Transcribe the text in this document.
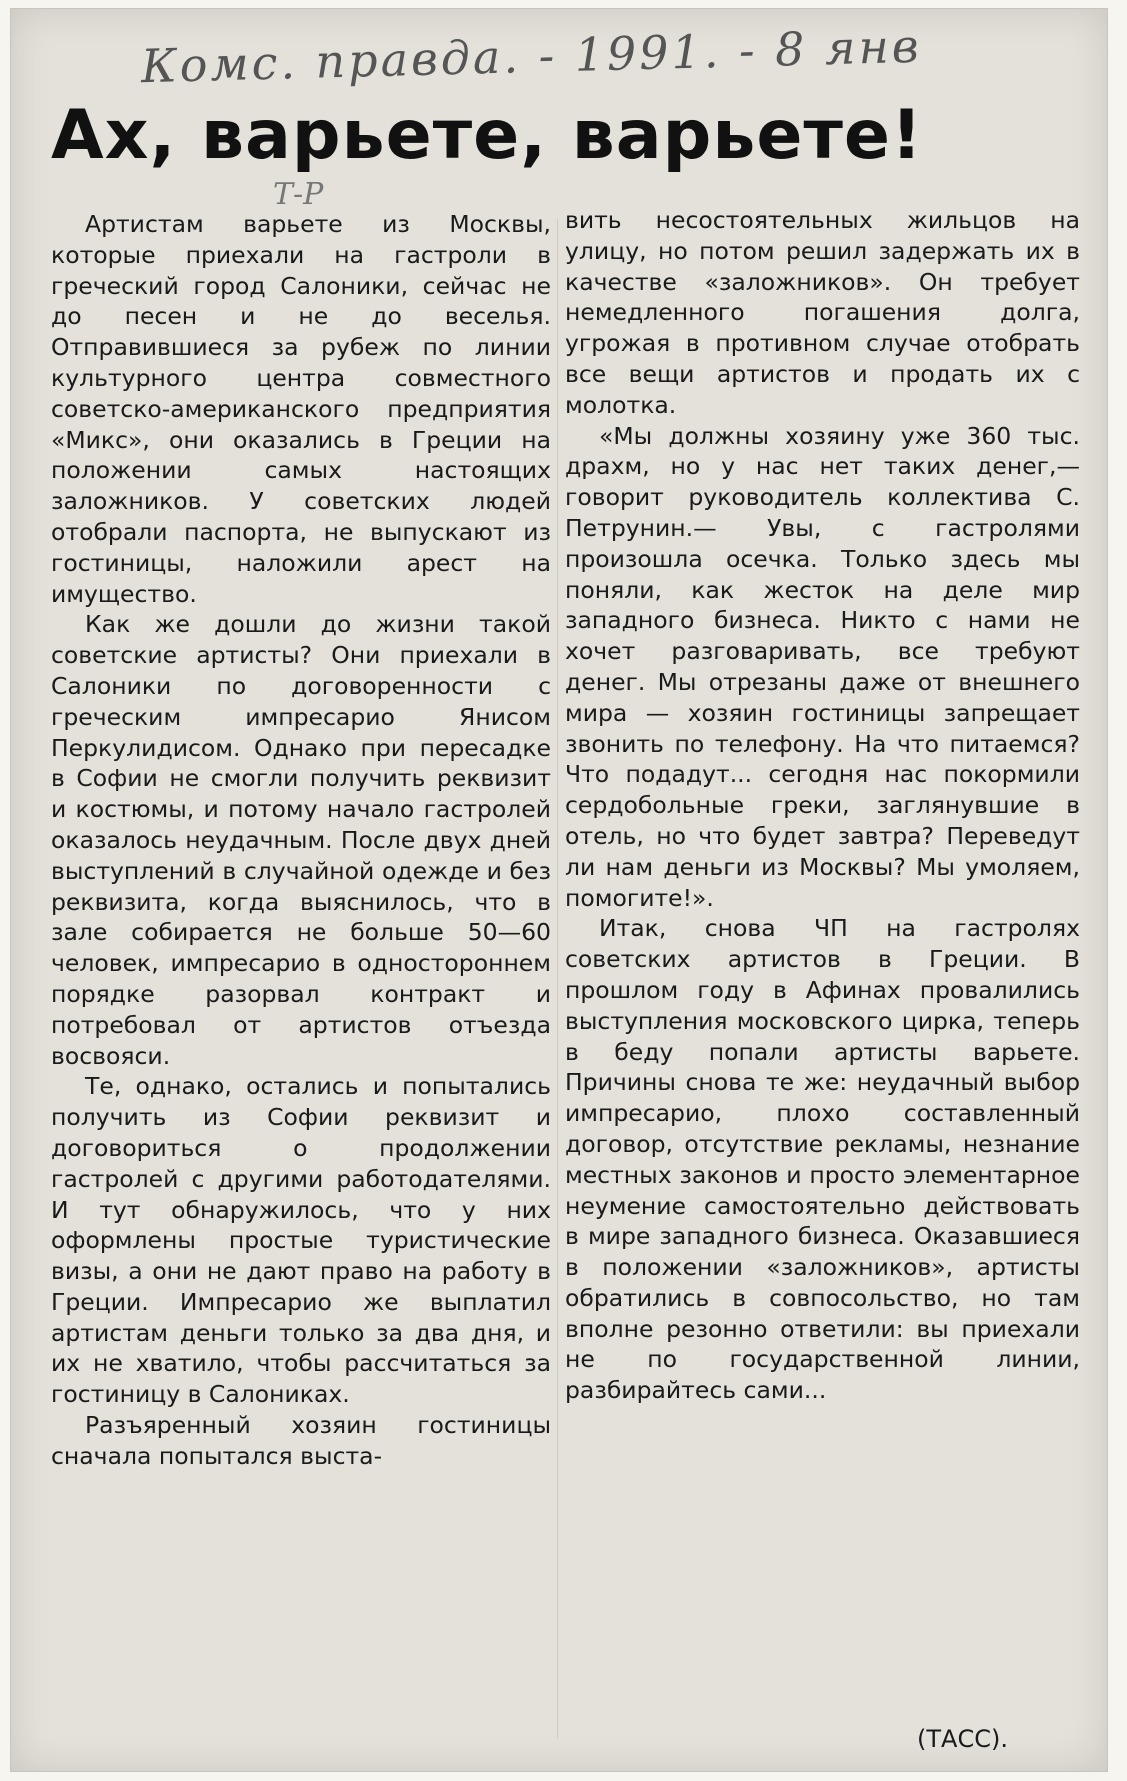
Комс. правда. - 1991. - 8 янв
Т-Р
Ах, варьете, варьете!

Артистам варьете из Москвы, которые приехали на гастроли в греческий город Салоники, сейчас не до песен и не до веселья. Отправившиеся за рубеж по линии культурного центра совместного советско-американского предприятия «Микс», они оказались в Греции на положении самых настоящих заложников. У советских людей отобрали паспорта, не выпускают из гостиницы, наложили арест на имущество.

Как же дошли до жизни такой советские артисты? Они приехали в Салоники по договоренности с греческим импресарио Янисом Перкулидисом. Однако при пересадке в Софии не смогли получить реквизит и костюмы, и потому начало гастролей оказалось неудачным. После двух дней выступлений в случайной одежде и без реквизита, когда выяснилось, что в зале собирается не больше 50—60 человек, импресарио в одностороннем порядке разорвал контракт и потребовал от артистов отъезда восвояси.

Те, однако, остались и попытались получить из Софии реквизит и договориться о продолжении гастролей с другими работодателями. И тут обнаружилось, что у них оформлены простые туристические визы, а они не дают право на работу в Греции. Импресарио же выплатил артистам деньги только за два дня, и их не хватило, чтобы рассчитаться за гостиницу в Салониках.

Разъяренный хозяин гостиницы сначала попытался выста-

вить несостоятельных жильцов на улицу, но потом решил задержать их в качестве «заложников». Он требует немедленного погашения долга, угрожая в противном случае отобрать все вещи артистов и продать их с молотка.

«Мы должны хозяину уже 360 тыс. драхм, но у нас нет таких денег,— говорит руководитель коллектива С. Петрунин.— Увы, с гастролями произошла осечка. Только здесь мы поняли, как жесток на деле мир западного бизнеса. Никто с нами не хочет разговаривать, все требуют денег. Мы отрезаны даже от внешнего мира — хозяин гостиницы запрещает звонить по телефону. На что питаемся? Что подадут... сегодня нас покормили сердобольные греки, заглянувшие в отель, но что будет завтра? Переведут ли нам деньги из Москвы? Мы умоляем, помогите!».

Итак, снова ЧП на гастролях советских артистов в Греции. В прошлом году в Афинах провалились выступления московского цирка, теперь в беду попали артисты варьете. Причины снова те же: неудачный выбор импресарио, плохо составленный договор, отсутствие рекламы, незнание местных законов и просто элементарное неумение самостоятельно действовать в мире западного бизнеса. Оказавшиеся в положении «заложников», артисты обратились в совпосольство, но там вполне резонно ответили: вы приехали не по государственной линии, разбирайтесь сами...

(ТАСС).
